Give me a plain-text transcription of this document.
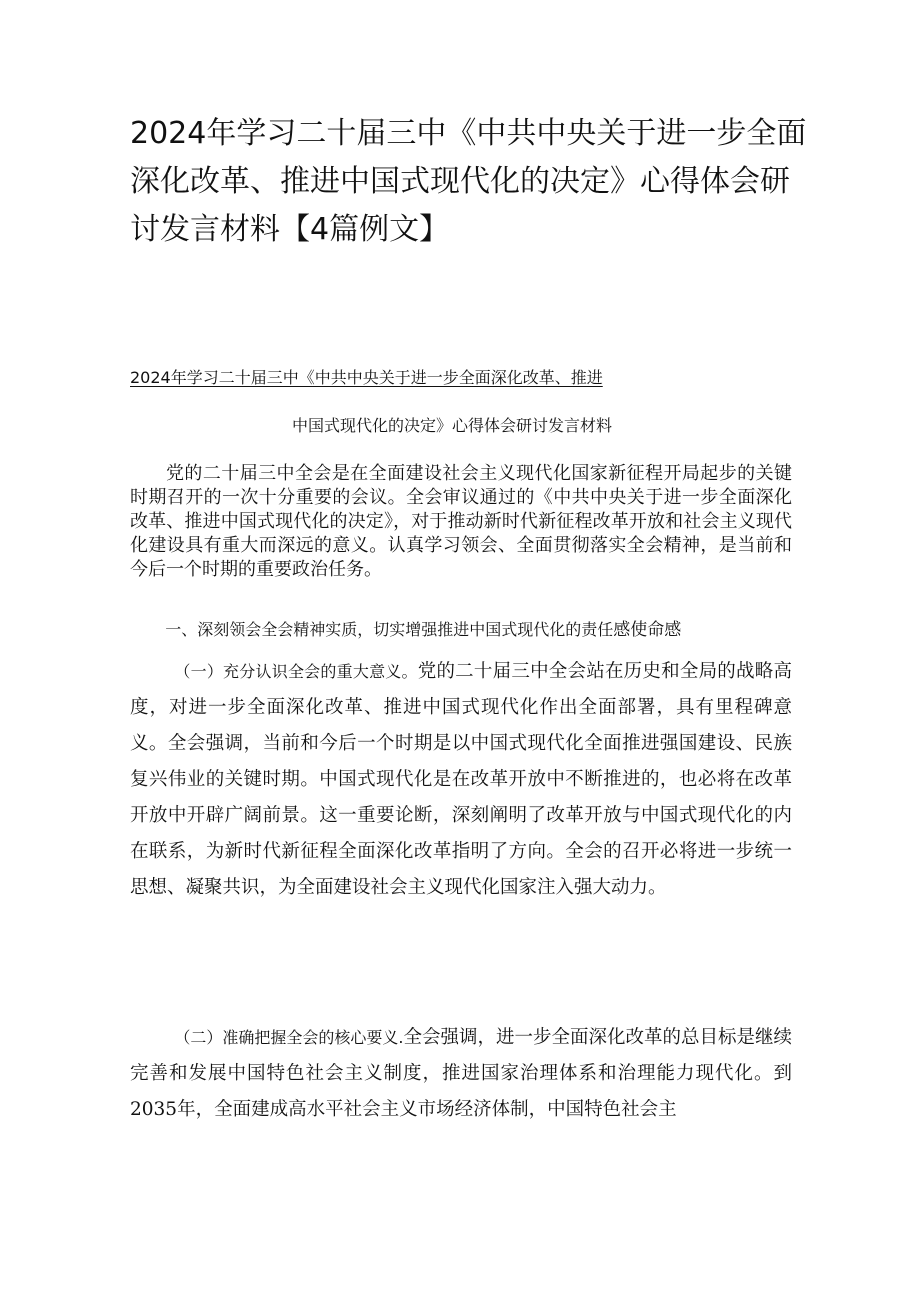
2024年学习二十届三中《中共中央关于进一步全面深化改革、推进中国式现代化的决定》心得体会研讨发言材料【4篇例文】

2024年学习二十届三中《中共中央关于进一步全面深化改革、推进

中国式现代化的决定》心得体会研讨发言材料

党的二十届三中全会是在全面建设社会主义现代化国家新征程开局起步的关键时期召开的一次十分重要的会议。全会审议通过的《中共中央关于进一步全面深化改革、推进中国式现代化的决定》，对于推动新时代新征程改革开放和社会主义现代化建设具有重大而深远的意义。认真学习领会、全面贯彻落实全会精神，是当前和今后一个时期的重要政治任务。

一、深刻领会全会精神实质，切实增强推进中国式现代化的责任感使命感

（一）充分认识全会的重大意义。党的二十届三中全会站在历史和全局的战略高度，对进一步全面深化改革、推进中国式现代化作出全面部署，具有里程碑意义。全会强调，当前和今后一个时期是以中国式现代化全面推进强国建设、民族复兴伟业的关键时期。中国式现代化是在改革开放中不断推进的，也必将在改革开放中开辟广阔前景。这一重要论断，深刻阐明了改革开放与中国式现代化的内在联系，为新时代新征程全面深化改革指明了方向。全会的召开必将进一步统一思想、凝聚共识，为全面建设社会主义现代化国家注入强大动力。

（二）准确把握全会的核心要义.全会强调，进一步全面深化改革的总目标是继续完善和发展中国特色社会主义制度，推进国家治理体系和治理能力现代化。到2035年，全面建成高水平社会主义市场经济体制，中国特色社会主
